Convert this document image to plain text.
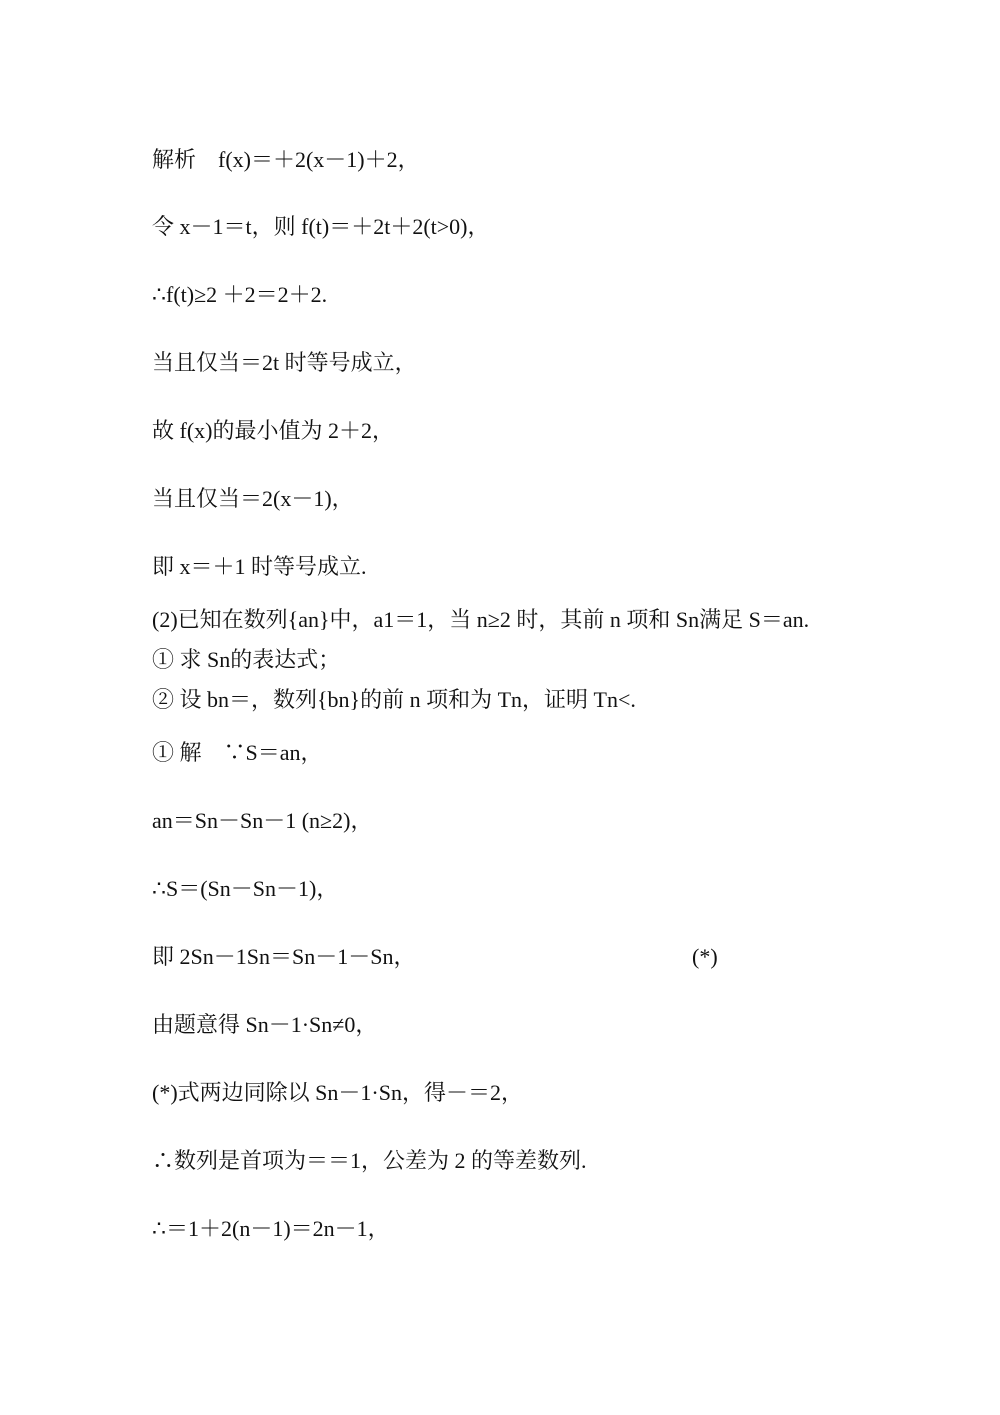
解析　f(x)＝＋2(x－1)＋2，
令 x－1＝t，则 f(t)＝＋2t＋2(t>0)，
∴f(t)≥2 ＋2＝2＋2.
当且仅当＝2t 时等号成立，
故 f(x)的最小值为 2＋2，
当且仅当＝2(x－1)，
即 x＝＋1 时等号成立.
(2)已知在数列{an}中，a1＝1，当 n≥2 时，其前 n 项和 Sn满足 S＝an.
① 求 Sn的表达式；
② 设 bn＝，数列{bn}的前 n 项和为 Tn，证明 Tn<.
① 解　∵S＝an，
an＝Sn－Sn－1 (n≥2)，
∴S＝(Sn－Sn－1)，
即 2Sn－1Sn＝Sn－1－Sn，	(*)
由题意得 Sn－1·Sn≠0，
(*)式两边同除以 Sn－1·Sn，得－＝2，
∴数列是首项为＝＝1，公差为 2 的等差数列.
∴＝1＋2(n－1)＝2n－1，
